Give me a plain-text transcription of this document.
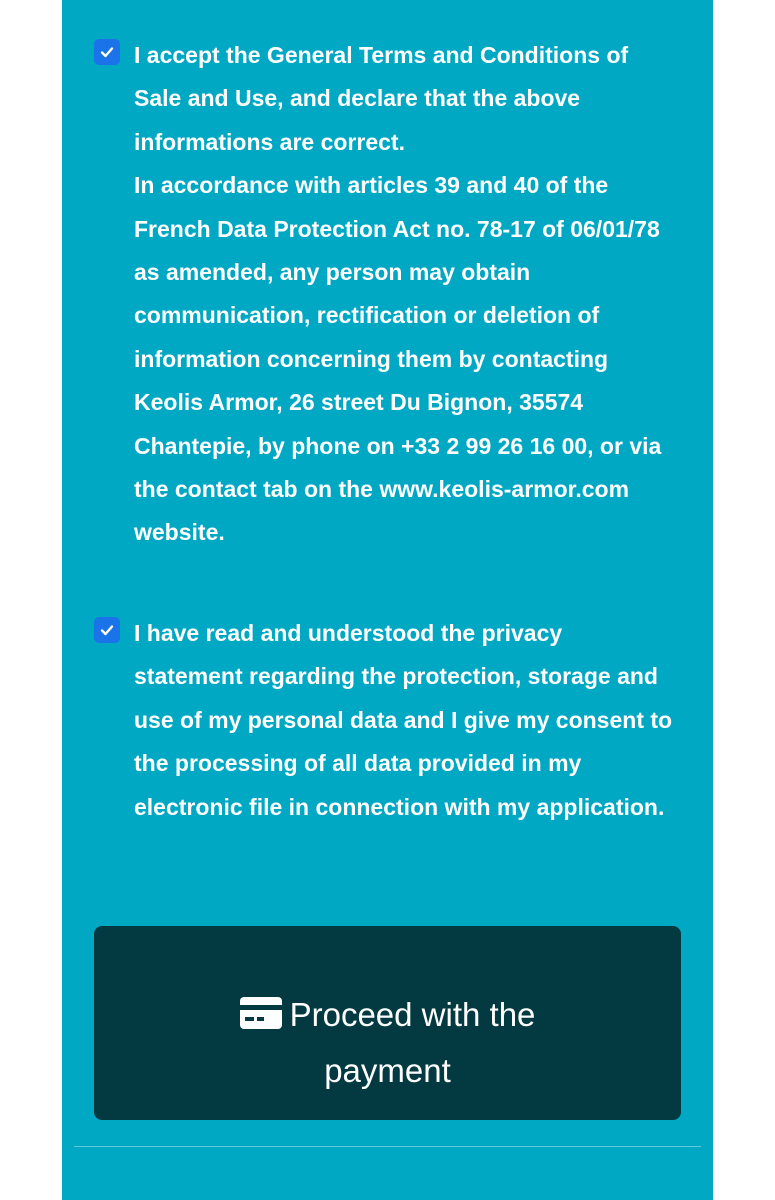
I accept the General Terms and Conditions of Sale and Use, and declare that the above informations are correct.

In accordance with articles 39 and 40 of the French Data Protection Act no. 78-17 of 06/01/78 as amended, any person may obtain communication, rectification or deletion of information concerning them by contacting Keolis Armor, 26 street Du Bignon, 35574 Chantepie, by phone on +33 2 99 26 16 00, or via the contact tab on the www.keolis-armor.com website.

I have read and understood the privacy statement regarding the protection, storage and use of my personal data and I give my consent to the processing of all data provided in my electronic file in connection with my application.

Proceed with the payment
